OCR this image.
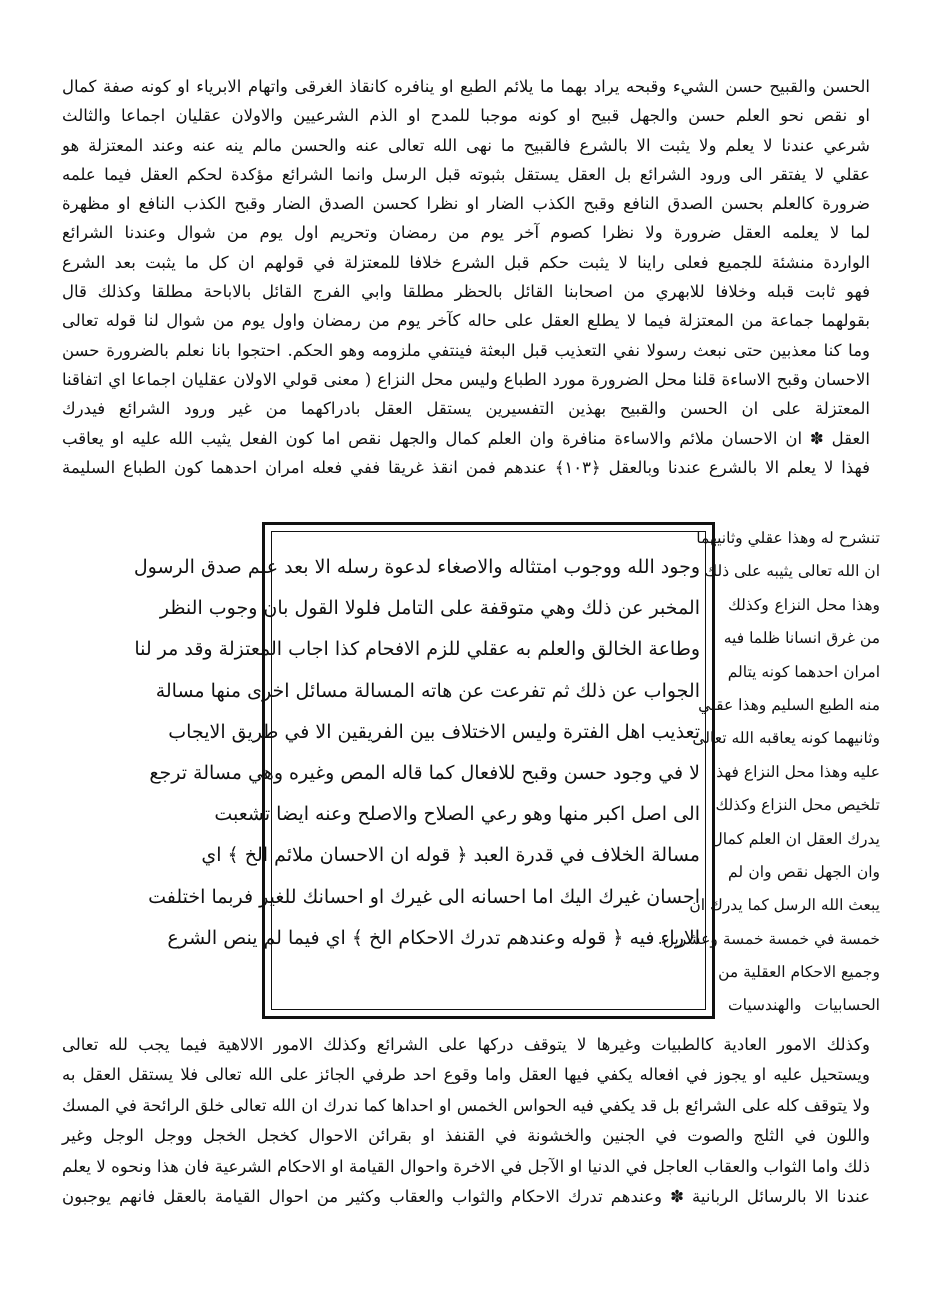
الحسن والقبيح حسن الشيء وقبحه يراد بهما ما يلائم الطبع او ينافره كانقاذ الغرقى واتهام الابرياء او كونه صفة كمال
او نقص نحو العلم حسن والجهل قبيح او كونه موجبا للمدح او الذم الشرعيين والاولان عقليان اجماعا والثالث
شرعي عندنا لا يعلم ولا يثبت الا بالشرع فالقبيح ما نهى الله تعالى عنه والحسن مالم ينه عنه وعند المعتزلة هو
عقلي لا يفتقر الى ورود الشرائع بل العقل يستقل بثبوته قبل الرسل وانما الشرائع مؤكدة لحكم العقل فيما علمه
ضرورة كالعلم بحسن الصدق النافع وقبح الكذب الضار او نظرا كحسن الصدق الضار وقبح الكذب النافع او مظهرة
لما لا يعلمه العقل ضرورة ولا نظرا كصوم آخر يوم من رمضان وتحريم اول يوم من شوال وعندنا الشرائع
الواردة منشئة للجميع فعلى راينا لا يثبت حكم قبل الشرع خلافا للمعتزلة في قولهم ان كل ما يثبت بعد الشرع
فهو ثابت قبله وخلافا للابهري من اصحابنا القائل بالحظر مطلقا وابي الفرج القائل بالاباحة مطلقا وكذلك قال
بقولهما جماعة من المعتزلة فيما لا يطلع العقل على حاله كآخر يوم من رمضان واول يوم من شوال لنا قوله تعالى
وما كنا معذبين حتى نبعث رسولا نفي التعذيب قبل البعثة فينتفي ملزومه وهو الحكم. احتجوا بانا نعلم بالضرورة حسن
الاحسان وقبح الاساءة قلنا محل الضرورة مورد الطباع وليس محل النزاع ( معنى قولي الاولان عقليان اجماعا اي اتفاقنا
المعتزلة على ان الحسن والقبيح بهذين التفسيرين يستقل العقل بادراكهما من غير ورود الشرائع فيدرك
العقل ✽ ان الاحسان ملائم والاساءة منافرة وان العلم كمال والجهل نقص اما كون الفعل يثيب الله عليه او يعاقب
فهذا لا يعلم الا بالشرع عندنا وبالعقل ﴿١٠٣﴾ عندهم فمن انقذ غريقا ففي فعله امران احدهما كون الطباع السليمة
تنشرح له وهذا عقلي وثانيهما
ان الله تعالى يثيبه على ذلك
وهذا محل النزاع وكذلك
من غرق انسانا ظلما فيه
امران احدهما كونه يتالم
منه الطبع السليم وهذا عقلي
وثانيهما كونه يعاقبه الله تعالى
عليه وهذا محل النزاع فهذا
تلخيص محل النزاع وكذلك
يدرك العقل ان العلم كمال
وان الجهل نقص وان لم
يبعث الله الرسل كما يدرك ان
خمسة في خمسة خمسة وعشرين.
وجميع الاحكام العقلية من
الحسابيات والهندسيات
وجود الله ووجوب امتثاله والاصغاء لدعوة رسله الا بعد علم صدق الرسول
المخبر عن ذلك وهي متوقفة على التامل فلولا القول بان وجوب النظر
وطاعة الخالق والعلم به عقلي للزم الافحام كذا اجاب المعتزلة وقد مر لنا
الجواب عن ذلك ثم تفرعت عن هاته المسالة مسائل اخرى منها مسالة
تعذيب اهل الفترة وليس الاختلاف بين الفريقين الا في طريق الايجاب
لا في وجود حسن وقبح للافعال كما قاله المص وغيره وهي مسالة ترجع
الى اصل اكبر منها وهو رعي الصلاح والاصلح وعنه ايضا تشعبت
مسالة الخلاف في قدرة العبد ﴿ قوله ان الاحسان ملائم الخ ﴾ اي
احسان غيرك اليك اما احسانه الى غيرك او احسانك للغير فربما اختلفت
الاراء فيه ﴿ قوله وعندهم تدرك الاحكام الخ ﴾ اي فيما لم ينص الشرع
وكذلك الامور العادية كالطبيات وغيرها لا يتوقف دركها على الشرائع وكذلك الامور الالاهية فيما يجب لله تعالى
ويستحيل عليه او يجوز في افعاله يكفي فيها العقل واما وقوع احد طرفي الجائز على الله تعالى فلا يستقل العقل به
ولا يتوقف كله على الشرائع بل قد يكفي فيه الحواس الخمس او احداها كما ندرك ان الله تعالى خلق الرائحة في المسك
واللون في الثلج والصوت في الجنين والخشونة في القنفذ او بقرائن الاحوال كخجل الخجل ووجل الوجل وغير
ذلك واما الثواب والعقاب العاجل في الدنيا او الآجل في الاخرة واحوال القيامة او الاحكام الشرعية فان هذا ونحوه لا يعلم
عندنا الا بالرسائل الربانية ✽ وعندهم تدرك الاحكام والثواب والعقاب وكثير من احوال القيامة بالعقل فانهم يوجبون
